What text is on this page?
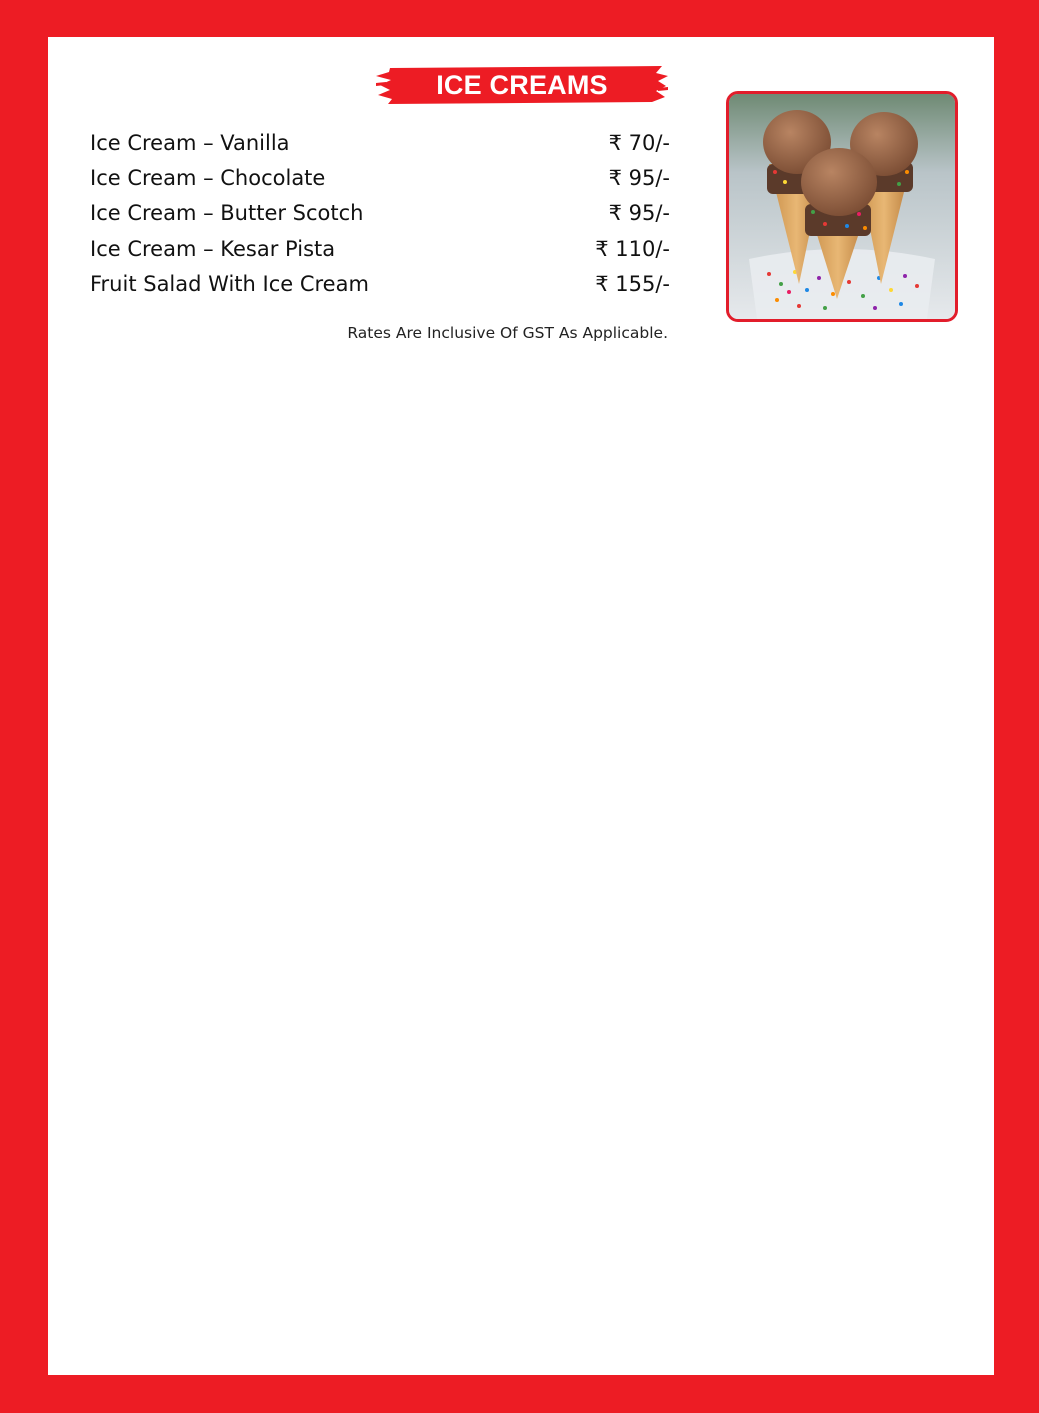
ICE CREAMS
Ice Cream – Vanilla	₹ 70/-
Ice Cream – Chocolate	₹ 95/-
Ice Cream – Butter Scotch	₹ 95/-
Ice Cream – Kesar Pista	₹ 110/-
Fruit Salad With Ice Cream	₹ 155/-
Rates Are Inclusive Of GST As Applicable.
